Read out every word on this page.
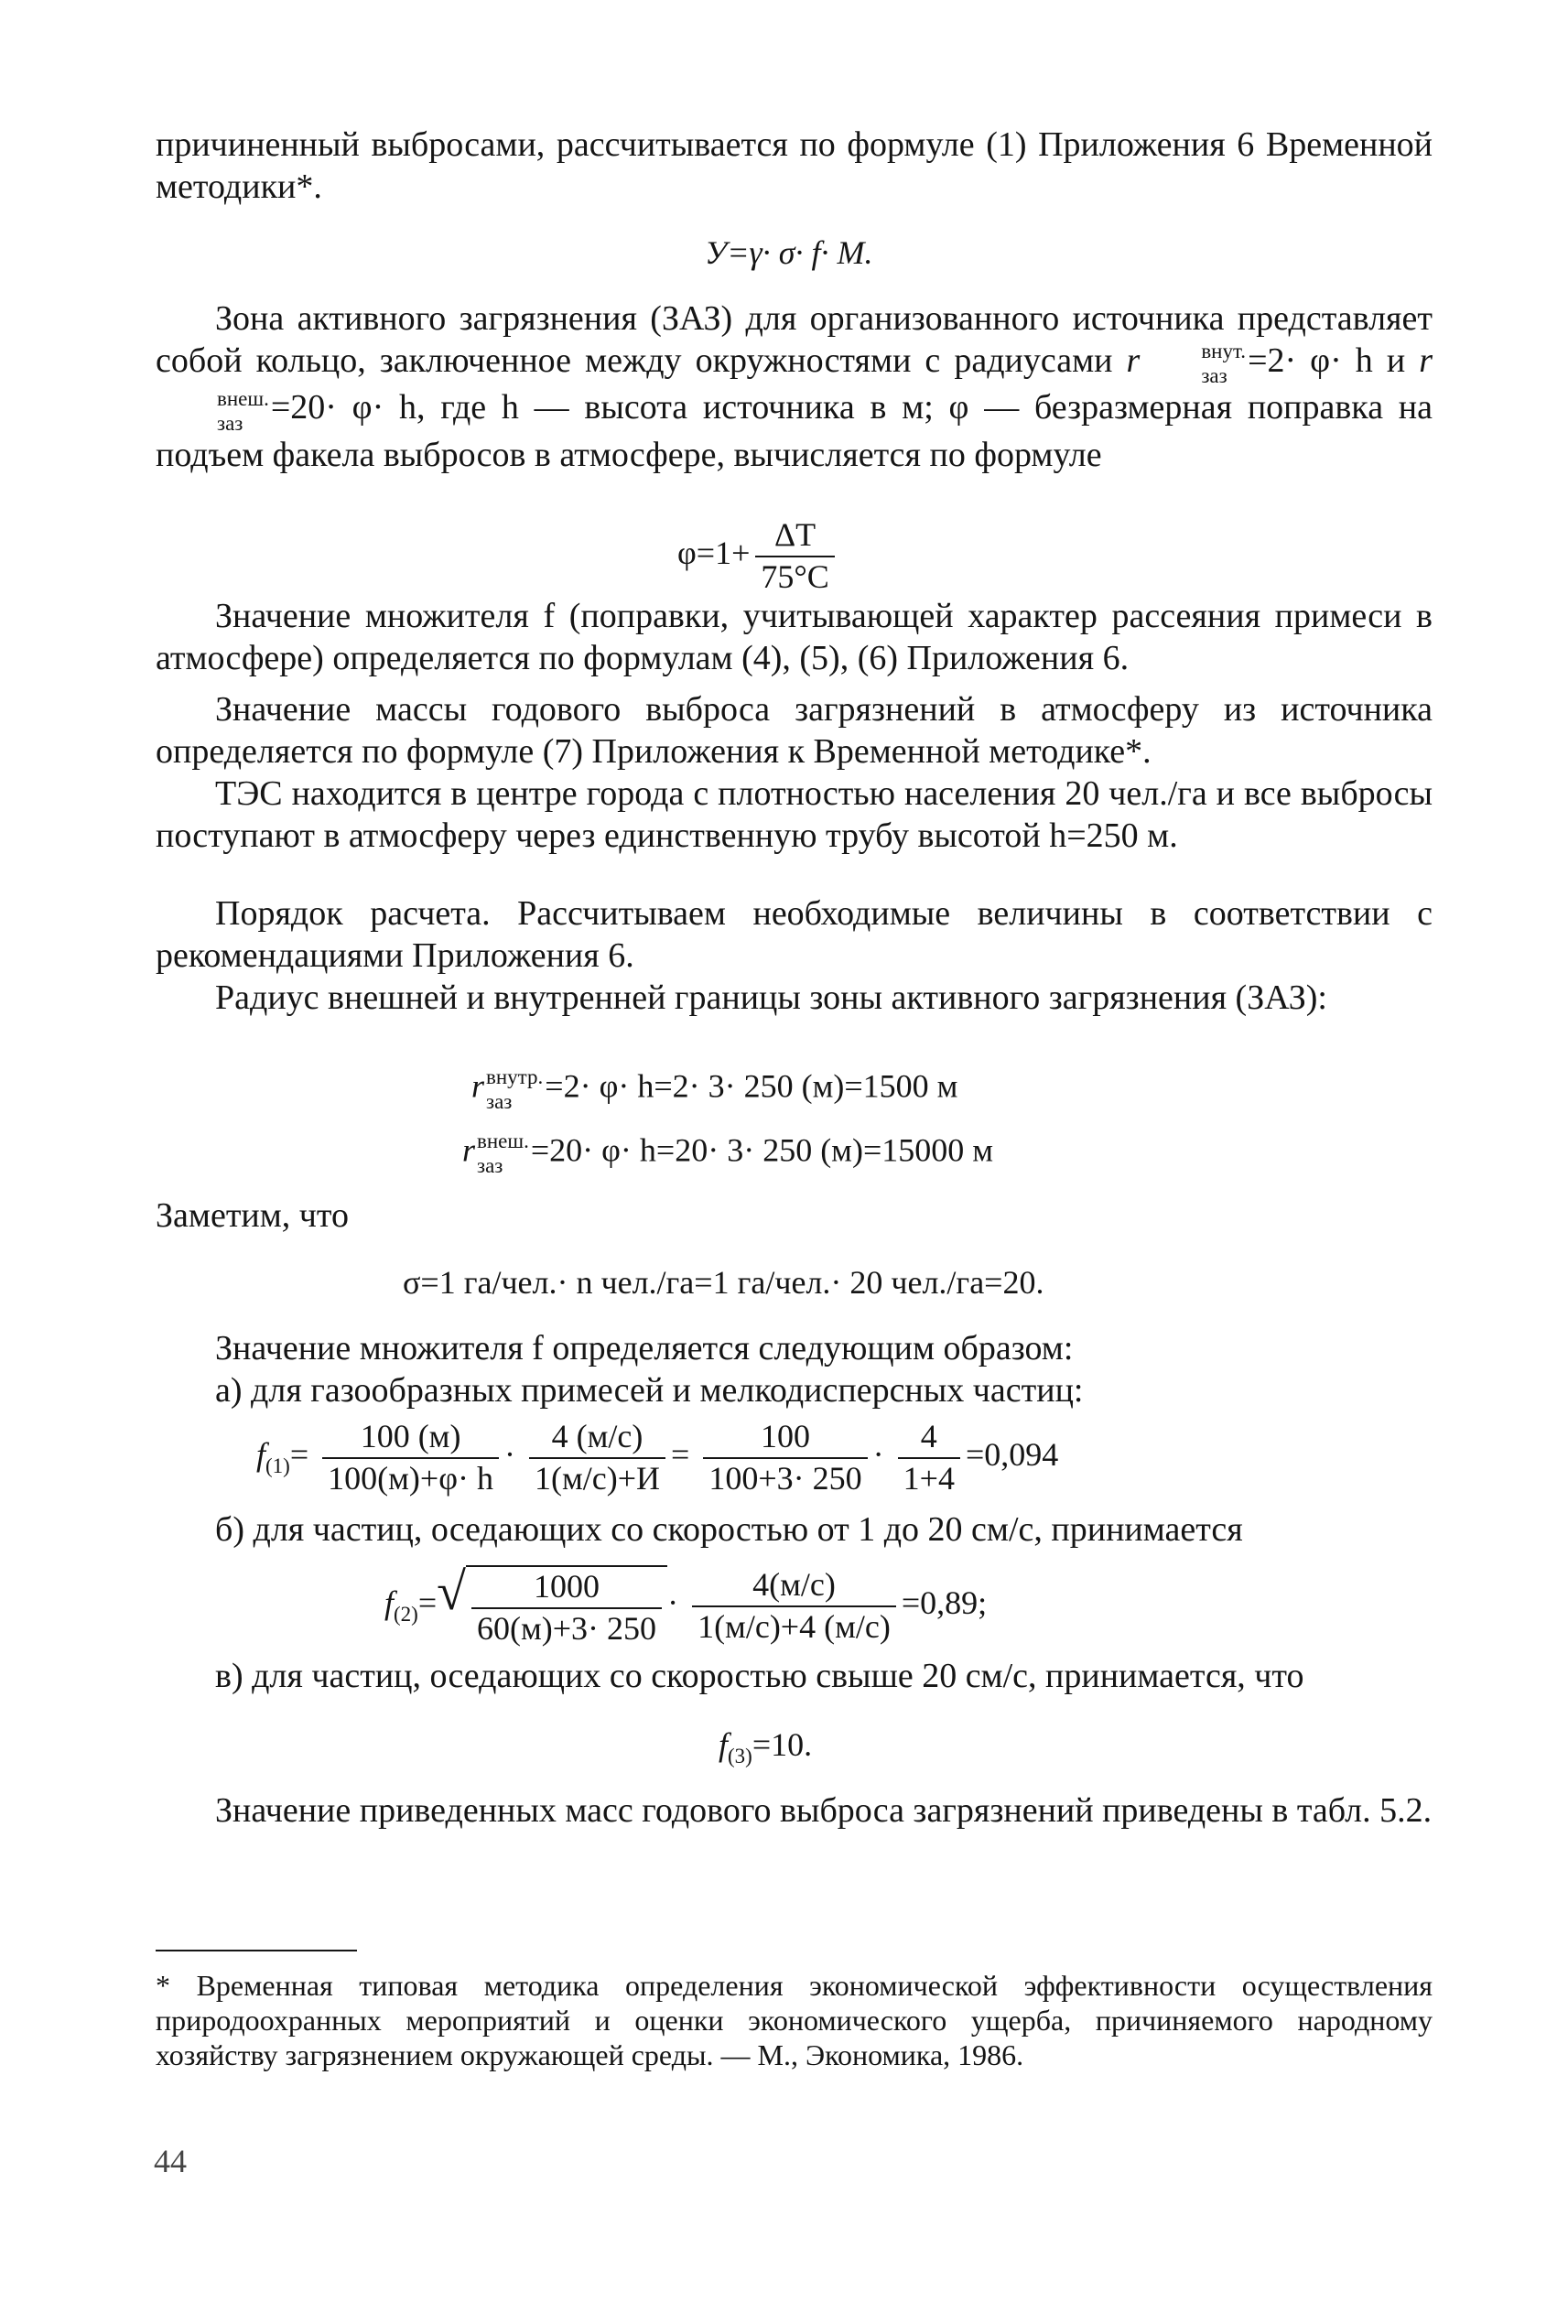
причиненный выбросами, рассчитывается по формуле (1) Приложения 6 Временной методики*.

У=γ· σ· f· M.

Зона активного загрязнения (ЗАЗ) для организованного источника представляет собой кольцо, заключенное между окружностями с радиусами r	внут.
заз =2· φ· h и r
внеш.
заз =20· φ· h, где h — высота источника в м; φ — безразмерная поправка на подъем факела выбросов в атмосфере, вычисляется по формуле

$\varphi=1+ \frac{\Delta T}{75^\circ C}$

Значение множителя f (поправки, учитывающей характер рассеяния примеси в атмосфере) определяется по формулам (4), (5), (6) Приложения 6.

Значение массы годового выброса загрязнений в атмосферу из источника определяется по формуле (7) Приложения к Временной методике*.

ТЭС находится в центре города с плотностью населения 20 чел./га и все выбросы поступают в атмосферу через единственную трубу высотой h=250 м.

Порядок расчета. Рассчитываем необходимые величины в соответствии с рекомендациями Приложения 6.

Радиус внешней и внутренней границы зоны активного загрязнения (ЗАЗ):

r внутр.
заз =2· φ· h=2· 3· 250 (м)=1500 м
r внеш.
заз =20· φ· h=20· 3· 250 (м)=15000 м

Заметим, что

σ=1 га/чел.· n чел./га=1 га/чел.· 20 чел./га=20.

Значение множителя f определяется следующим образом:

а) для газообразных примесей и мелкодисперсных частиц:

$f_{(1)}= \frac{100 (м)}{100(м)+\varphi\cdot h} \cdot \frac{4 (м/с)}{1(м/с)+И} = \frac{100}{100+3\cdot 250} \cdot \frac{4}{1+4} =0,094$

б) для частиц, оседающих со скоростью от 1 до 20 см/с, принимается

$f_{(2)}=$ √ $\frac{1000}{60(м)+3\cdot 250} \cdot \frac{4(м/с)}{1(м/с)+4 (м/с)} =0,89$;

в) для частиц, оседающих со скоростью свыше 20 см/с, принимается, что

$f_{(3)}=10$.

Значение приведенных масс годового выброса загрязнений приведены в табл. 5.2.

* Временная типовая методика определения экономической эффективности осуществления природоохранных мероприятий и оценки экономического ущерба, причиняемого народному хозяйству загрязнением окружающей среды. — М., Экономика, 1986.
44
